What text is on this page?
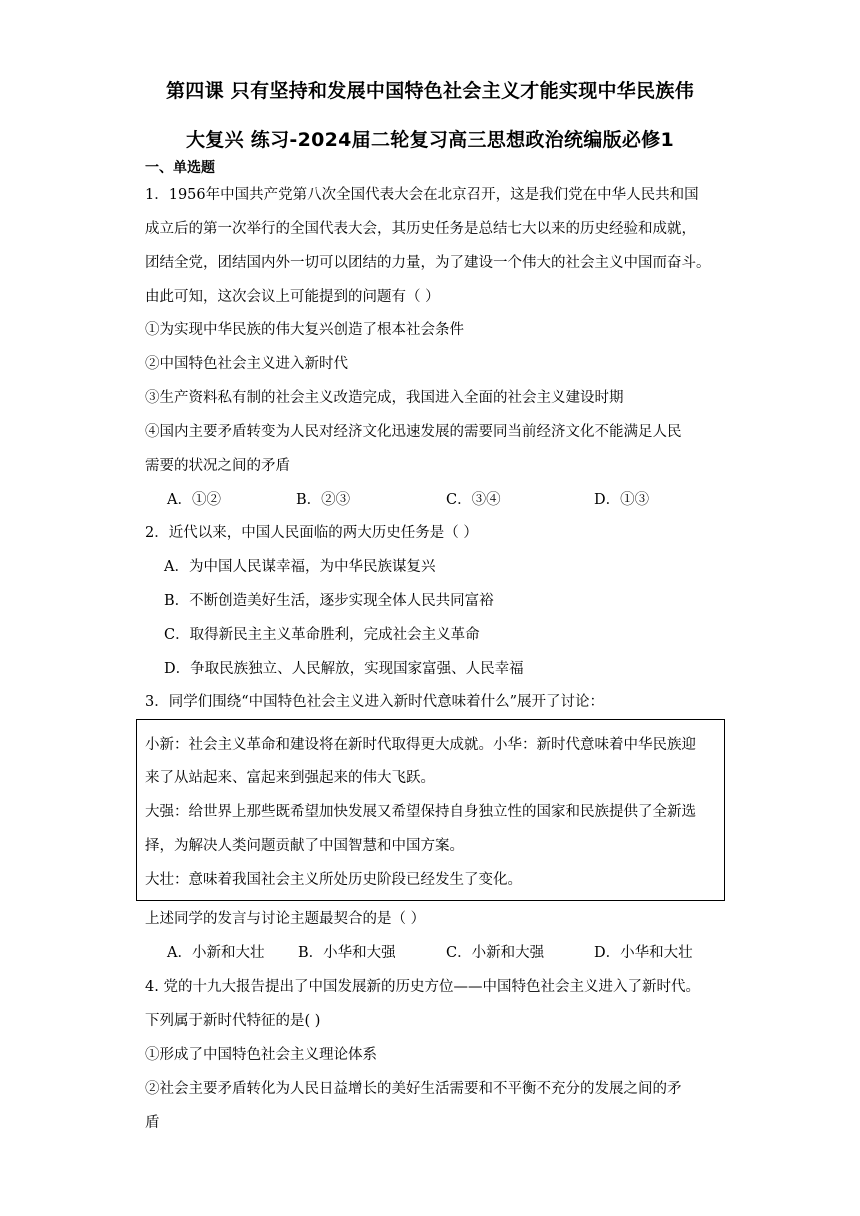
第四课 只有坚持和发展中国特色社会主义才能实现中华民族伟
大复兴 练习-2024届二轮复习高三思想政治统编版必修1
一、单选题
1．1956年中国共产党第八次全国代表大会在北京召开，这是我们党在中华人民共和国
成立后的第一次举行的全国代表大会，其历史任务是总结七大以来的历史经验和成就，
团结全党，团结国内外一切可以团结的力量，为了建设一个伟大的社会主义中国而奋斗。
由此可知，这次会议上可能提到的问题有（ ）
①为实现中华民族的伟大复兴创造了根本社会条件
②中国特色社会主义进入新时代
③生产资料私有制的社会主义改造完成，我国进入全面的社会主义建设时期
④国内主要矛盾转变为人民对经济文化迅速发展的需要同当前经济文化不能满足人民
需要的状况之间的矛盾
A．①②	B．②③	C．③④	D．①③
2．近代以来，中国人民面临的两大历史任务是（ ）
A．为中国人民谋幸福，为中华民族谋复兴
B．不断创造美好生活，逐步实现全体人民共同富裕
C．取得新民主主义革命胜利，完成社会主义革命
D．争取民族独立、人民解放，实现国家富强、人民幸福
3．同学们围绕“中国特色社会主义进入新时代意味着什么”展开了讨论：
小新：社会主义革命和建设将在新时代取得更大成就。小华：新时代意味着中华民族迎
来了从站起来、富起来到强起来的伟大飞跃。
大强：给世界上那些既希望加快发展又希望保持自身独立性的国家和民族提供了全新选
择，为解决人类问题贡献了中国智慧和中国方案。
大壮：意味着我国社会主义所处历史阶段已经发生了变化。
上述同学的发言与讨论主题最契合的是（ ）
A．小新和大壮 B．小华和大强	C．小新和大强	D．小华和大壮
4. 党的十九大报告提出了中国发展新的历史方位——中国特色社会主义进入了新时代。
下列属于新时代特征的是( )
①形成了中国特色社会主义理论体系
②社会主要矛盾转化为人民日益增长的美好生活需要和不平衡不充分的发展之间的矛
盾
